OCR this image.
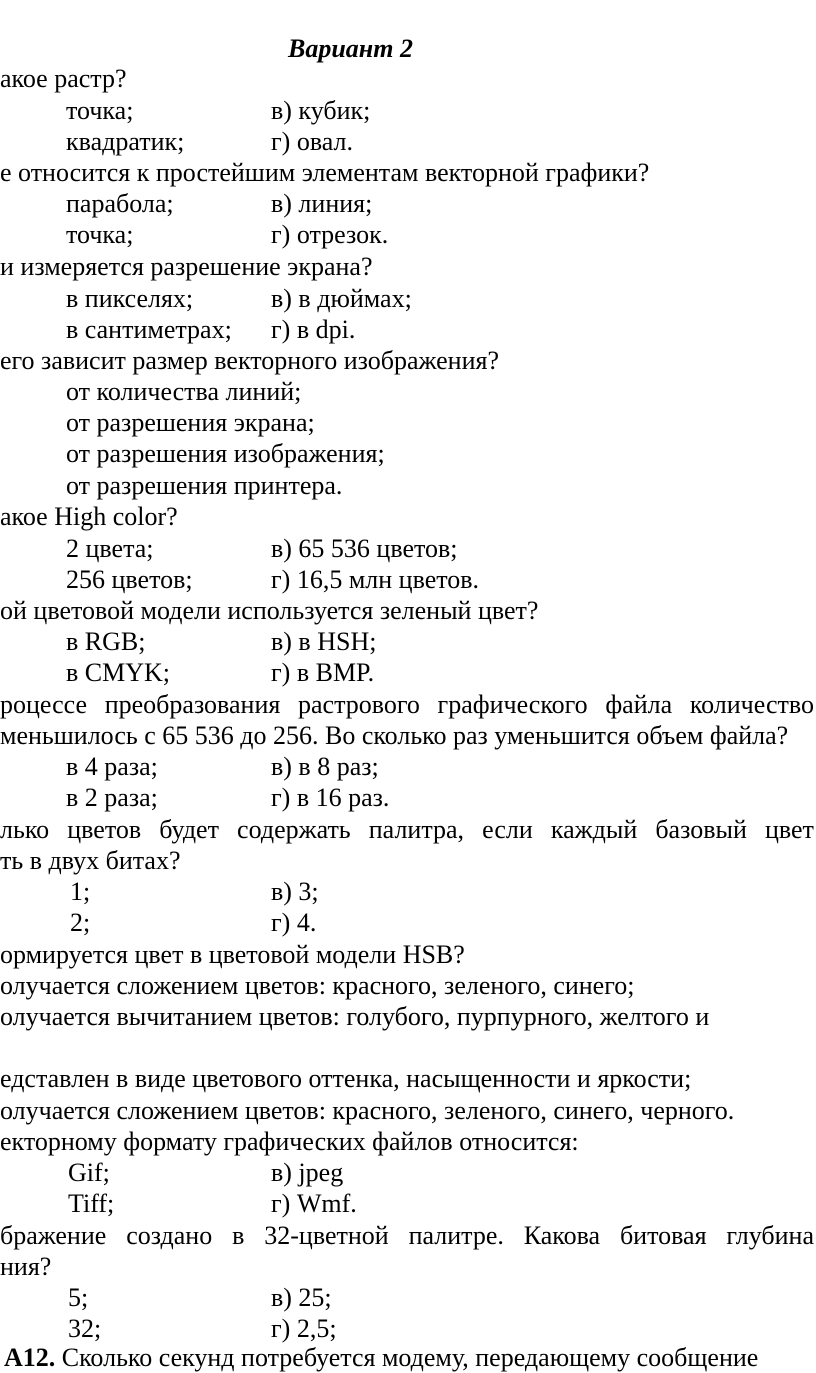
Вариант 2
акое растр?
точка;	в) кубик;
квадратик;	г) овал.
е относится к простейшим элементам векторной графики?
парабола;	в) линия;
точка;	г) отрезок.
и измеряется разрешение экрана?
в пикселях;	в) в дюймах;
в сантиметрах; г) в dpi.
его зависит размер векторного изображения?
от количества линий;
от разрешения экрана;
от разрешения изображения;
от разрешения принтера.
акое High color?
2 цвета;	в) 65 536 цветов;
256 цветов;	г) 16,5 млн цветов.
ой цветовой модели используется зеленый цвет?
в RGB;	в) в HSH;
в CMYK;	г) в BMP.
роцессе преобразования растрового графического файла количество
меньшилось с 65 536 до 256. Во сколько раз уменьшится объем файла?
в 4 раза;	в) в 8 раз;
в 2 раза;	г) в 16 раз.
лько цветов будет содержать палитра, если каждый базовый цвет
ть в двух битах?
1;	в) 3;
2;	г) 4.
ормируется цвет в цветовой модели HSB?
олучается сложением цветов: красного, зеленого, синего;
олучается вычитанием цветов: голубого, пурпурного, желтого и
едставлен в виде цветового оттенка, насыщенности и яркости;
олучается сложением цветов: красного, зеленого, синего, черного.
екторному формату графических файлов относится:
Gif;	в) jpeg
Tiff;	г) Wmf.
бражение создано в 32-цветной палитре. Какова битовая глубина
ния?
5;	в) 25;
32;	г) 2,5;
А12. Сколько секунд потребуется модему, передающему сообщение
